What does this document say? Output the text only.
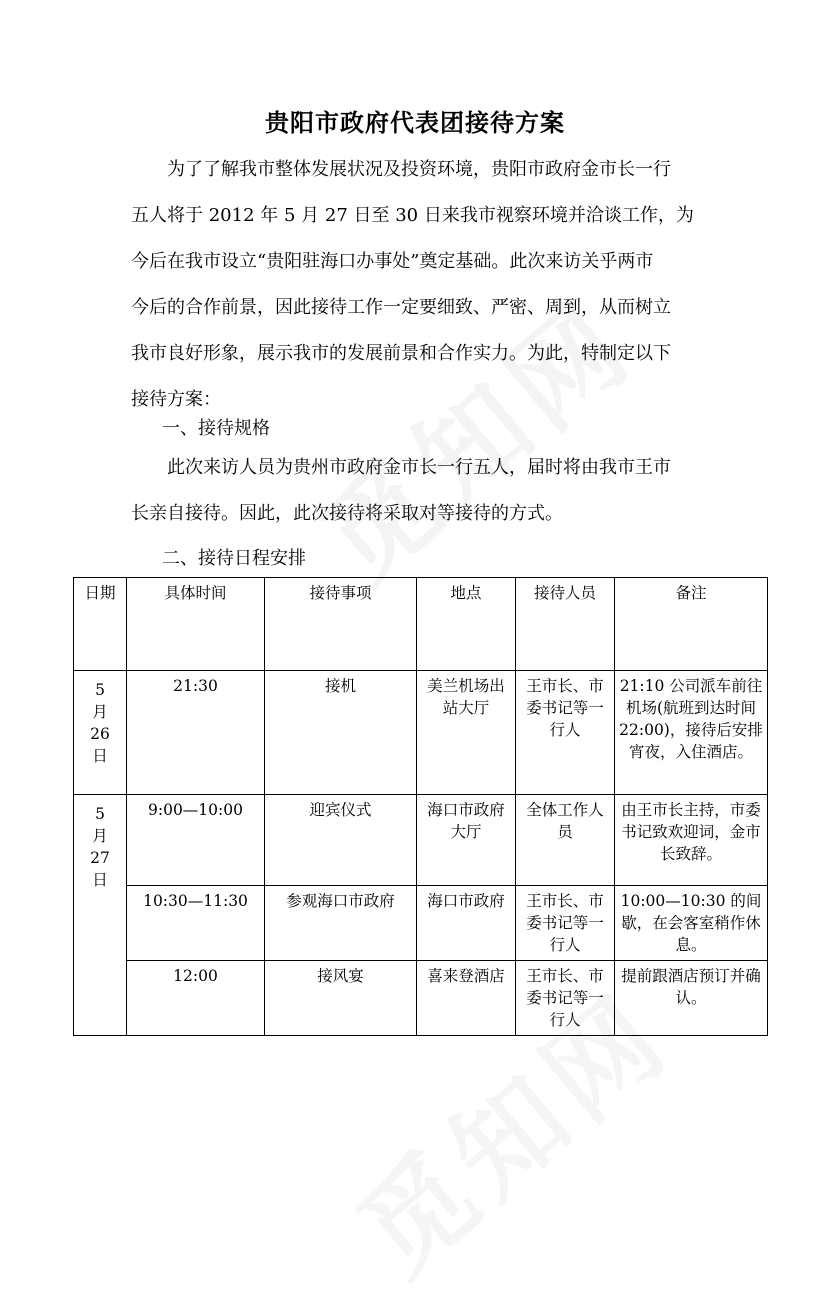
贵阳市政府代表团接待方案

为了了解我市整体发展状况及投资环境，贵阳市政府金市长一行
五人将于 2012 年 5 月 27 日至 30 日来我市视察环境并洽谈工作，为
今后在我市设立“贵阳驻海口办事处”奠定基础。此次来访关乎两市
今后的合作前景，因此接待工作一定要细致、严密、周到，从而树立
我市良好形象，展示我市的发展前景和合作实力。为此，特制定以下
接待方案：

一、接待规格

此次来访人员为贵州市政府金市长一行五人，届时将由我市王市
长亲自接待。因此，此次接待将采取对等接待的方式。

二、接待日程安排
日期	具体时间	接待事项	地点	接待人员	备注

5
月
26
日	21:30	接机	美兰机场出站大厅	王市长、市委书记等一行人	21:10 公司派车前往机场(航班到达时间 22:00)，接待后安排宵夜，入住酒店。

5
月
27
日	9:00—10:00	迎宾仪式	海口市政府大厅	全体工作人员	由王市长主持，市委书记致欢迎词，金市长致辞。
	10:30—11:30	参观海口市政府	海口市政府	王市长、市委书记等一行人	10:00—10:30 的间歇，在会客室稍作休息。
	12:00	接风宴	喜来登酒店	王市长、市委书记等一行人	提前跟酒店预订并确认。
